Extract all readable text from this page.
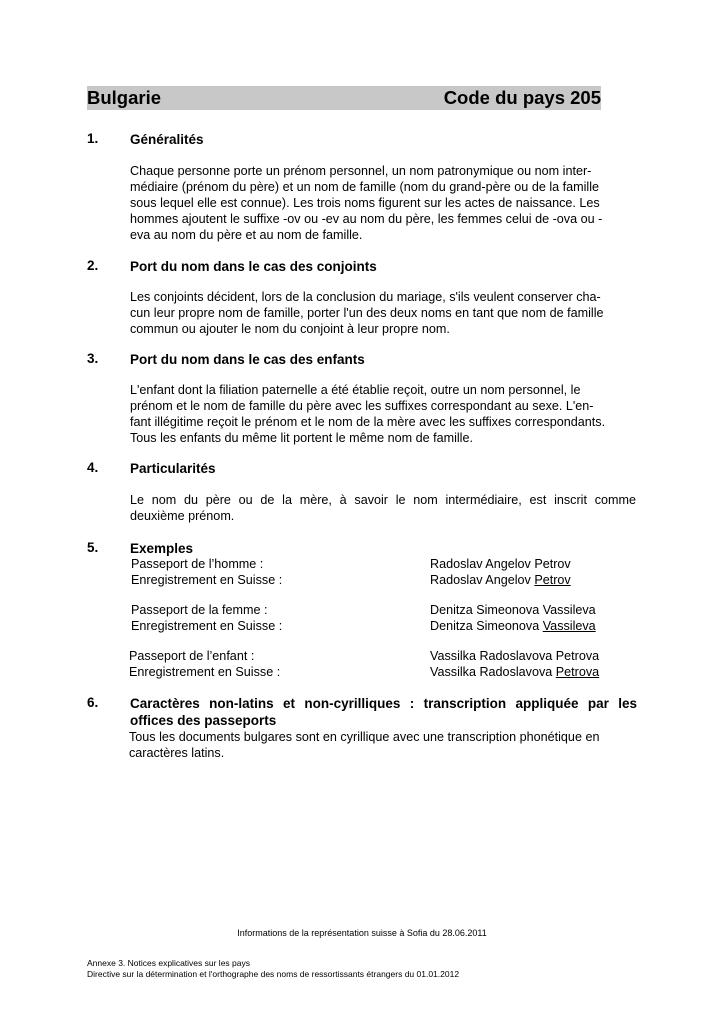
Bulgarie	Code du pays 205
1. Généralités
Chaque personne porte un prénom personnel, un nom patronymique ou nom inter-
médiaire (prénom du père) et un nom de famille (nom du grand-père ou de la famille
sous lequel elle est connue). Les trois noms figurent sur les actes de naissance. Les
hommes ajoutent le suffixe -ov ou -ev au nom du père, les femmes celui de -ova ou -
eva au nom du père et au nom de famille.
2. Port du nom dans le cas des conjoints
Les conjoints décident, lors de la conclusion du mariage, s'ils veulent conserver cha-
cun leur propre nom de famille, porter l'un des deux noms en tant que nom de famille
commun ou ajouter le nom du conjoint à leur propre nom.
3. Port du nom dans le cas des enfants
L'enfant dont la filiation paternelle a été établie reçoit, outre un nom personnel, le
prénom et le nom de famille du père avec les suffixes correspondant au sexe. L'en-
fant illégitime reçoit le prénom et le nom de la mère avec les suffixes correspondants.
Tous les enfants du même lit portent le même nom de famille.
4. Particularités
Le nom du père ou de la mère, à savoir le nom intermédiaire, est inscrit comme
deuxième prénom.
5. Exemples
Passeport de l’homme :	Radoslav Angelov Petrov
Enregistrement en Suisse :	Radoslav Angelov Petrov
Passeport de la femme :	Denitza Simeonova Vassileva
Enregistrement en Suisse :	Denitza Simeonova Vassileva
Passeport de l’enfant :	Vassilka Radoslavova Petrova
Enregistrement en Suisse :	Vassilka Radoslavova Petrova
6. Caractères non-latins et non-cyrilliques : transcription appliquée par les offices des passeports
Tous les documents bulgares sont en cyrillique avec une transcription phonétique en
caractères latins.
Informations de la représentation suisse à Sofia du 28.06.2011
Annexe 3. Notices explicatives sur les pays
Directive sur la détermination et l'orthographe des noms de ressortissants étrangers du 01.01.2012
